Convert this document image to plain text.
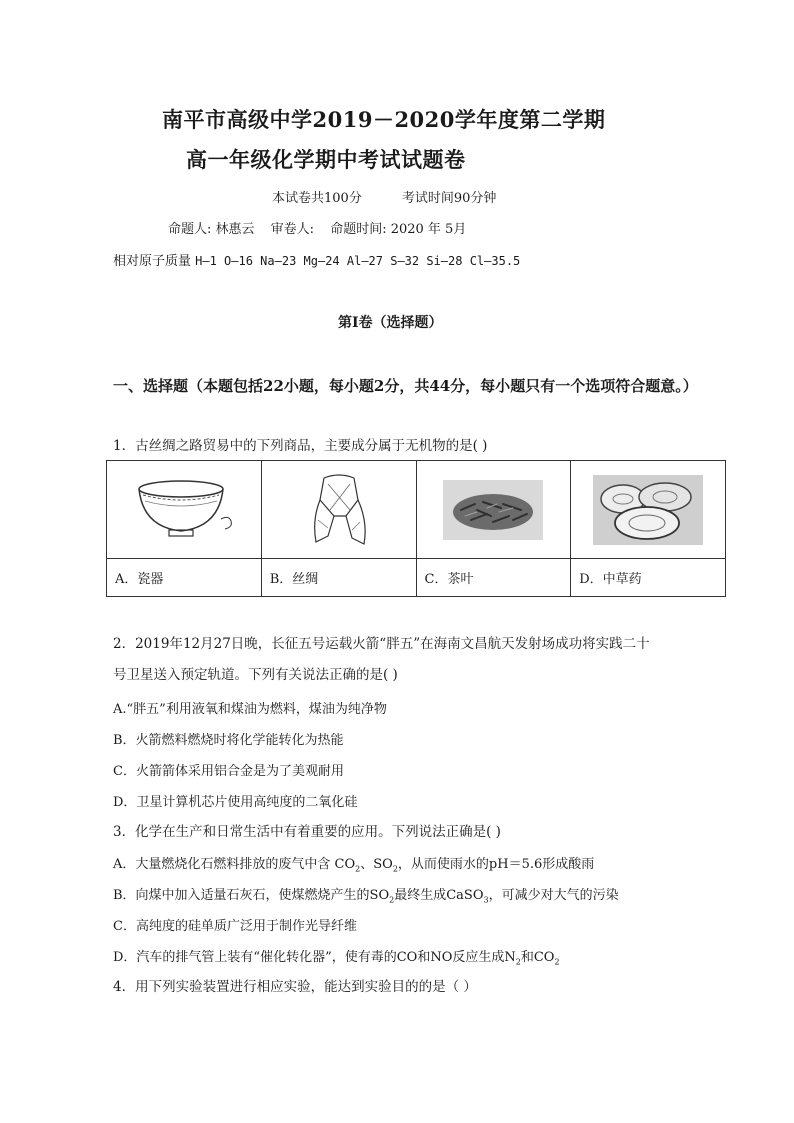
南平市高级中学2019－2020学年度第二学期
高一年级化学期中考试试题卷
本试卷共100分	考试时间90分钟
命题人: 林惠云 审卷人: 命题时间: 2020 年 5月
相对原子质量 H—1 O—16 Na—23 Mg—24 Al—27 S—32 Si—28 Cl—35.5
第Ⅰ卷（选择题）
一、选择题（本题包括22小题，每小题2分，共44分，每小题只有一个选项符合题意。）
1．古丝绸之路贸易中的下列商品，主要成分属于无机物的是( )

A．瓷器	B．丝绸	C．茶叶	D．中草药
2．2019年12月27日晚，长征五号运载火箭“胖五”在海南文昌航天发射场成功将实践二十
号卫星送入预定轨道。下列有关说法正确的是( )
A.“胖五”利用液氧和煤油为燃料，煤油为纯净物
B．火箭燃料燃烧时将化学能转化为热能
C．火箭箭体采用铝合金是为了美观耐用
D．卫星计算机芯片使用高纯度的二氧化硅
3．化学在生产和日常生活中有着重要的应用。下列说法正确是( )
A．大量燃烧化石燃料排放的废气中含 $CO_2$、$SO_2$，从而使雨水的pH＝5.6形成酸雨
B．向煤中加入适量石灰石，使煤燃烧产生的$SO_2$最终生成CaSO$_3$，可减少对大气的污染
C．高纯度的硅单质广泛用于制作光导纤维
D．汽车的排气管上装有“催化转化器”，使有毒的CO和NO反应生成$N_2$和$CO_2$
4．用下列实验装置进行相应实验，能达到实验目的的是（ ）
